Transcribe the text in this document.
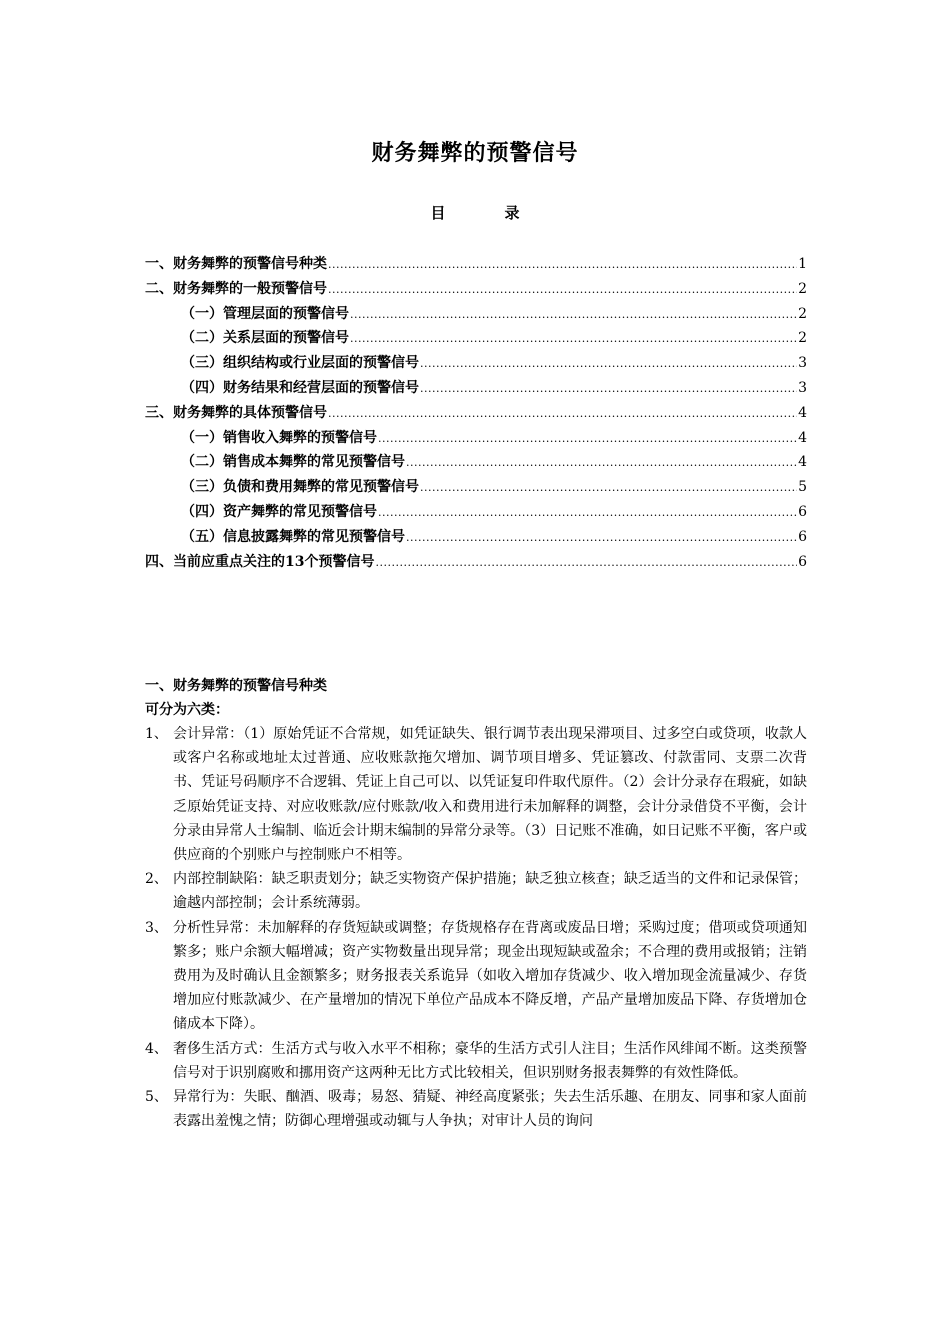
财务舞弊的预警信号
目　录
一、财务舞弊的预警信号种类 .....	1
二、财务舞弊的一般预警信号 .....	2
（一）管理层面的预警信号 .....	2
（二）关系层面的预警信号 .....	2
（三）组织结构或行业层面的预警信号 .....	3
（四）财务结果和经营层面的预警信号 .....	3
三、财务舞弊的具体预警信号 .....	4
（一）销售收入舞弊的预警信号 .....	4
（二）销售成本舞弊的常见预警信号 .....	4
（三）负债和费用舞弊的常见预警信号 .....	5
（四）资产舞弊的常见预警信号 .....	6
（五）信息披露舞弊的常见预警信号 .....	6
四、当前应重点关注的13个预警信号 .....	6
一、财务舞弊的预警信号种类
可分为六类：
1、 会计异常：（1）原始凭证不合常规，如凭证缺失、银行调节表出现呆滞项目、过多空白或贷项，收款人或客户名称或地址太过普通、应收账款拖欠增加、调节项目增多、凭证篡改、付款雷同、支票二次背书、凭证号码顺序不合逻辑、凭证上自己可以、以凭证复印件取代原件。（2）会计分录存在瑕疵，如缺乏原始凭证支持、对应收账款/应付账款/收入和费用进行未加解释的调整，会计分录借贷不平衡，会计分录由异常人士编制、临近会计期末编制的异常分录等。（3）日记账不准确，如日记账不平衡，客户或供应商的个别账户与控制账户不相等。
2、 内部控制缺陷：缺乏职责划分；缺乏实物资产保护措施；缺乏独立核查；缺乏适当的文件和记录保管；逾越内部控制；会计系统薄弱。
3、 分析性异常：未加解释的存货短缺或调整；存货规格存在背离或废品日增；采购过度；借项或贷项通知繁多；账户余额大幅增减；资产实物数量出现异常；现金出现短缺或盈余；不合理的费用或报销；注销费用为及时确认且金额繁多；财务报表关系诡异（如收入增加存货减少、收入增加现金流量减少、存货增加应付账款减少、在产量增加的情况下单位产品成本不降反增，产品产量增加废品下降、存货增加仓储成本下降）。
4、 奢侈生活方式：生活方式与收入水平不相称；豪华的生活方式引人注目；生活作风绯闻不断。这类预警信号对于识别腐败和挪用资产这两种无比方式比较相关，但识别财务报表舞弊的有效性降低。
5、 异常行为：失眠、酗酒、吸毒；易怒、猜疑、神经高度紧张；失去生活乐趣、在朋友、同事和家人面前表露出羞愧之情；防御心理增强或动辄与人争执；对审计人员的询问
